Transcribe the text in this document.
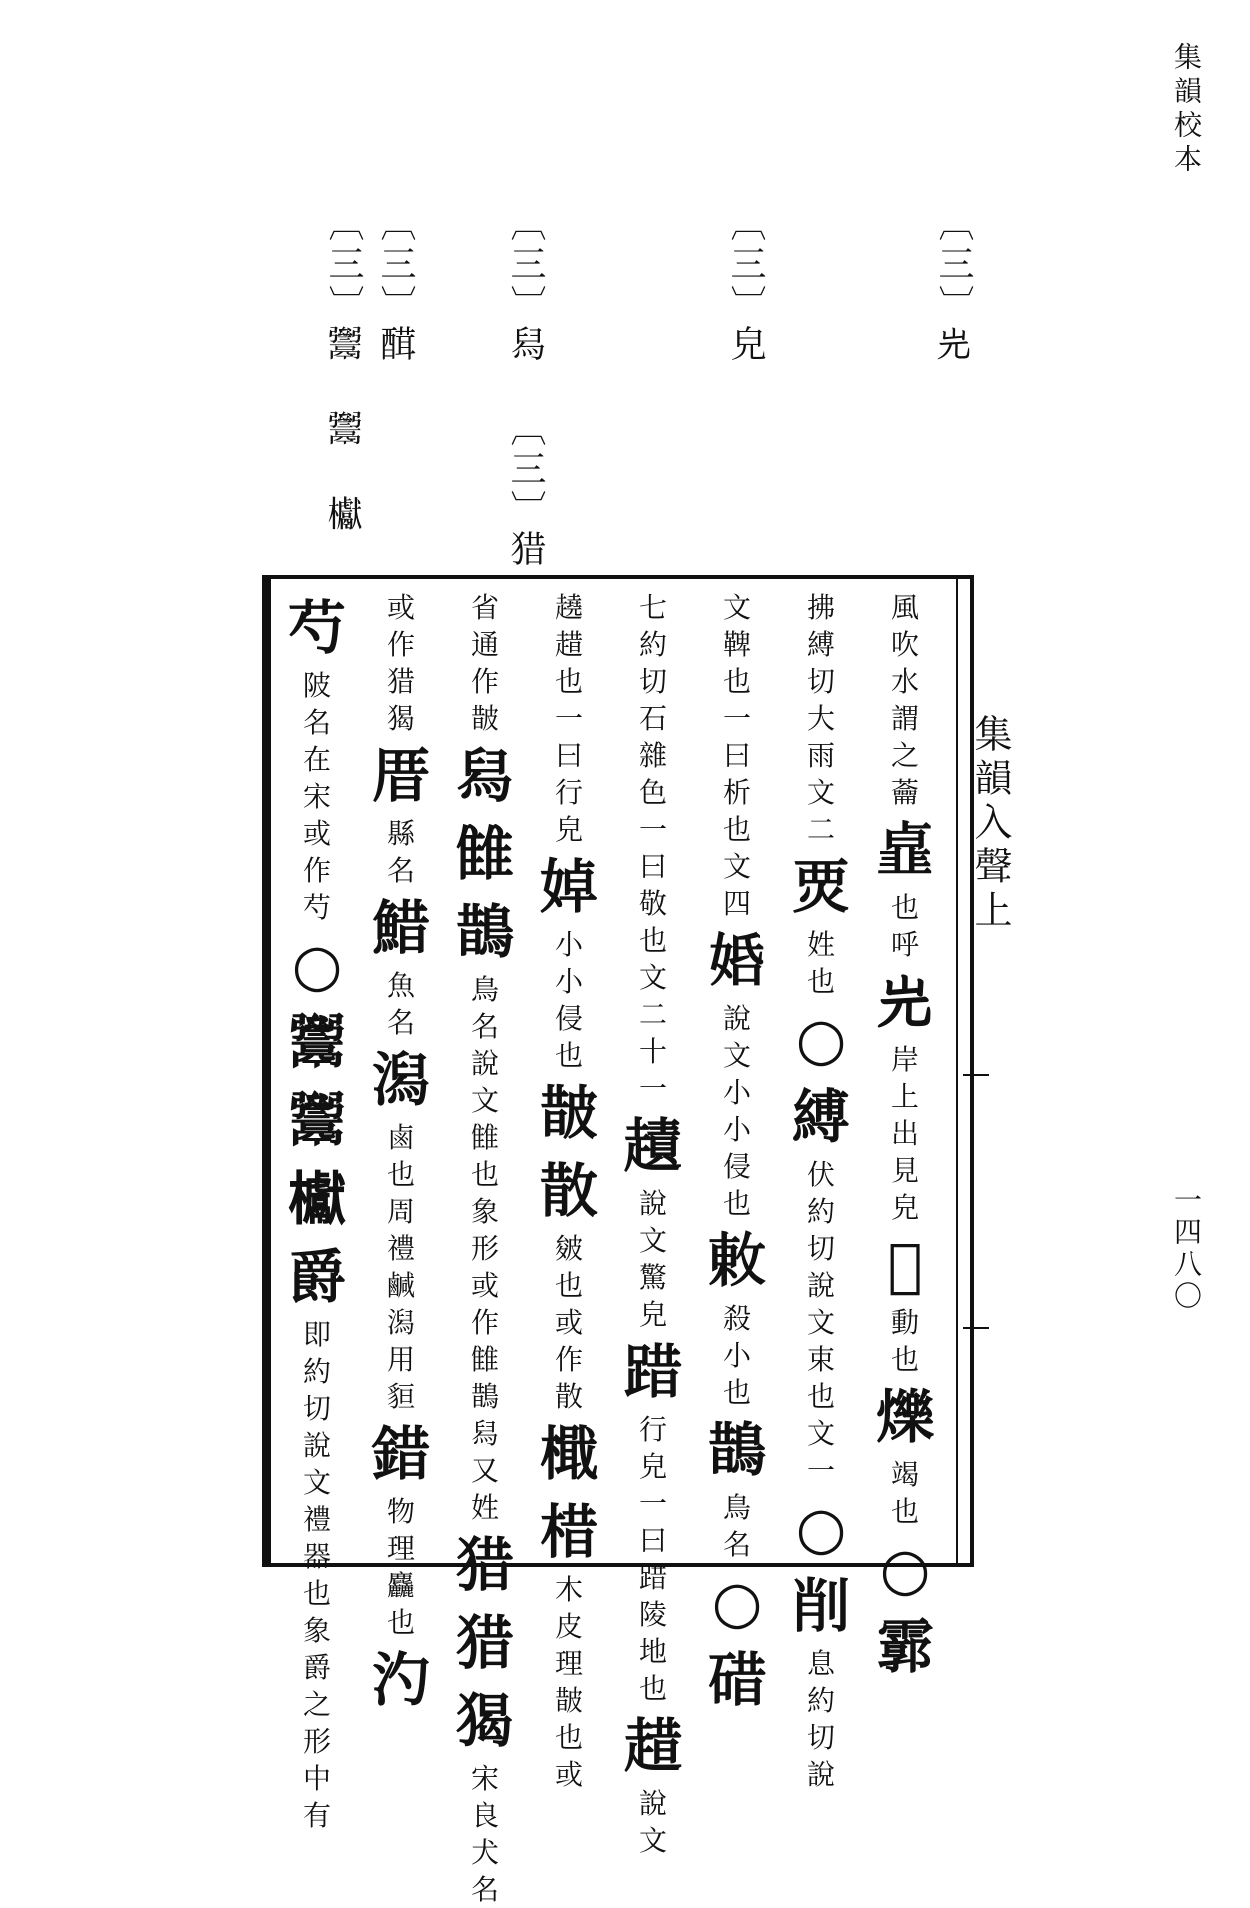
集韻校本
一四八〇
〔三〕𡵉
〔三〕皃
〔三〕舄 〔三〕猎
〔三〕䤊
〔三〕𩱥 𩱥 𣡌
集韻入聲上
風
吹
水
謂
之
蘥
𩐃
也
呼
𡵉
岸
上
出
見
皃
𨅾
動
也
爍
竭
也
○
霩
拂
縛
切
大
雨
文
二
䙳
姓
也
○
縛
伏
約
切
說
文
束
也
文
一
○
削
息
約
切
說
文
鞞
也
一
曰
析
也
文
四
𡜶
說
文
小
小
侵
也
𢽬
殺
小
也
鵲
鳥
名
○
碏
七
約
切
石
雜
色
一
曰
敬
也
文
二
十
一
䟄
說
文
驚
皃
踖
行
皃
一
曰
踖
陵
地
也
趞
說
文
趬
趞
也
一
曰
行
皃
婥
小
小
侵
也
皵
散
皴
也
或
作
散
檝
棤
木
皮
理
皵
也
或
省
通
作
皵
舄
雔
鵲
鳥
名
說
文
雔
也
象
形
或
作
雔
鵲
舄
又
姓
猎
猎
猲
宋
良
犬
名
或
作
猎
猲
厝
縣
名
䱜
魚
名
潟
鹵
也
周
禮
鹹
潟
用
貆
錯
物
理
麤
也
汋
芍
陂
名
在
宋
或
作
芍
○
𩱥
𩱥
𣡌
爵
即
約
切
說
文
禮
器
也
象
爵
之
形
中
有
